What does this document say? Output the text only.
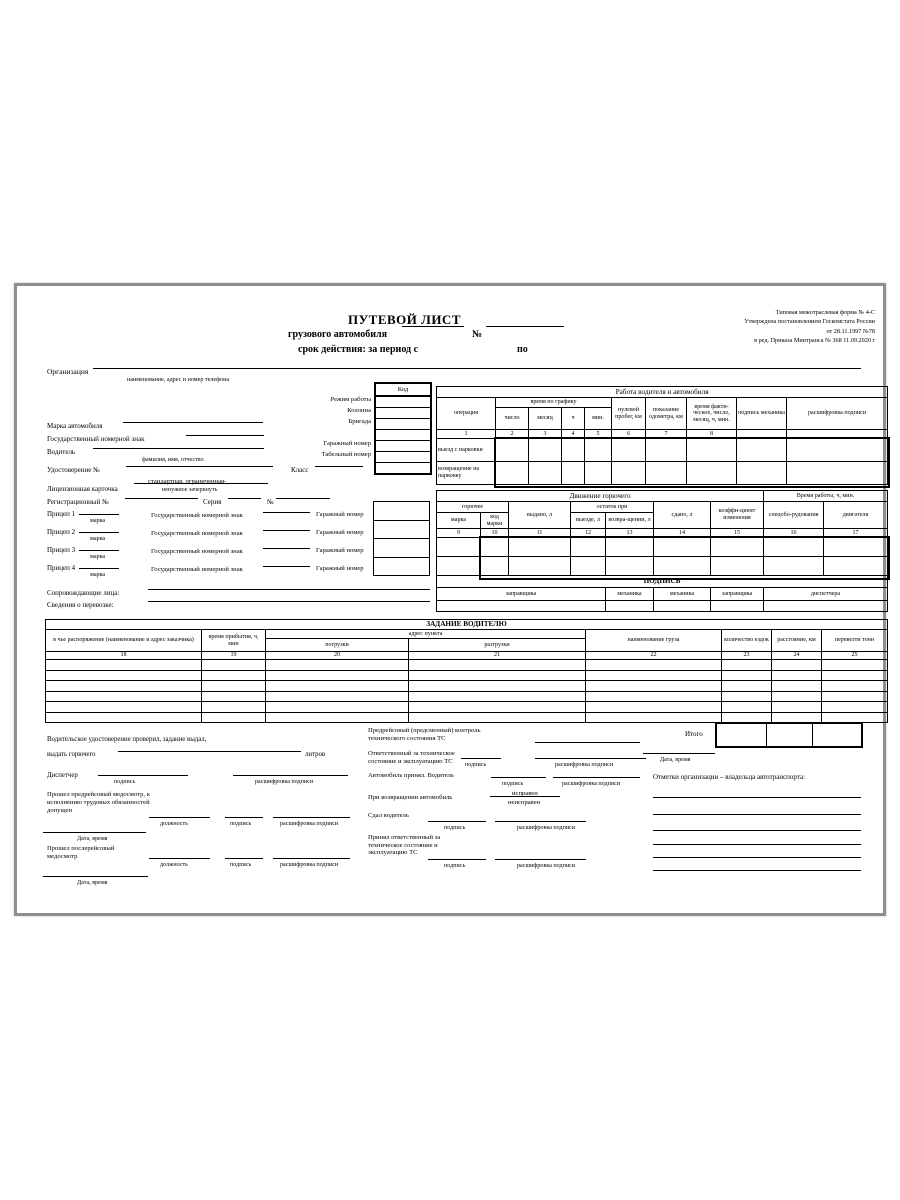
Типовая межотраслевая форма № 4-С
Утверждена постановлением Госкомстата России
от 28.11.1997 №78
в ред. Приказа Минтранса № 368 11.09.2020 г
ПУТЕВОЙ ЛИСТ
грузового автомобиля	№
срок действия: за период с	по
Организация
наименование, адрес и номер телефона
Код

Режим работы
Колонна
Бригада
Гаражный номер
Табельный номер
Марка автомобиля
Государственный номерной знак
Водитель
фамилия, имя, отчество
Удостоверение №	Класс
стандартная, ограниченная-
Лицензионная карточка	ненужное зачеркнуть
Регистрационный №	Серия	№
Прицеп 1
марка
Государственный номерной знак	Гаражный номер
Прицеп 2
марка
Государственный номерной знак	Гаражный номер
Прицеп 3
марка
Государственный номерной знак	Гаражный номер
Прицеп 4
марка
Государственный номерной знак	Гаражный номер

Сопровождающие лица:
Сведения о перевозке:
Работа водителя и автомобиля									
операция	время по графику				нулевой пробег, км	показание одометра, км	время факти-ческое, число, месяц, ч, мин.	подпись механика	расшифровка подписи
	число	месяц	ч	мин.					
1	2	3	4	5	6	7	8		
выезд с парковки									
возвращение на парковку									
Движение горючего							Время работы, ч, мин.	
горючее		выдано, л	остаток при		сдано, л	коэффи-циент изменения	спецобо-рудования	двигателя
марка	код марки		выезде, л	возвра-щении, л				
9	10	11	12	13	14	15	16	17

ПОДПИСЬ								
заправщика				механика	механика	заправщика	диспетчера	

ЗАДАНИЕ ВОДИТЕЛЮ							
в чье распоряжение (наименование и адрес заказчика)	время прибытия, ч, мин	адрес пункта		наименование груза	количество ездок	расстояние, км	перевезти тонн
		погрузки	разгрузки				
18	19	20	21	22	23	24	25

Итого

Водительское удостоверение проверил, задание выдал,
выдать горючего	литров
Диспетчер
подпись	расшифровка подписи
Прошел предрейсовый медосмотр, к исполнению трудовых обязанностей допущен
должность	подпись	расшифровка подписи
Дата, время
Прошел послерейсовый медосмотр
должность	подпись	расшифровка подписи
Дата, время
Предрейсовый (предсменный) контроль технического состояния ТС
Ответственный за техническое состояние и эксплуатацию ТС
подпись	расшифровка подписи
Автомобиль принял. Водитель
подпись	расшифровка подписи
При возвращении автомобиль
исправен
неисправен
Сдал водитель
подпись	расшифровка подписи
Принял ответственный за техническое состояние и эксплуатацию ТС
подпись	расшифровка подписи
Дата, время
Отметки организации – владельца автотранспорта:
